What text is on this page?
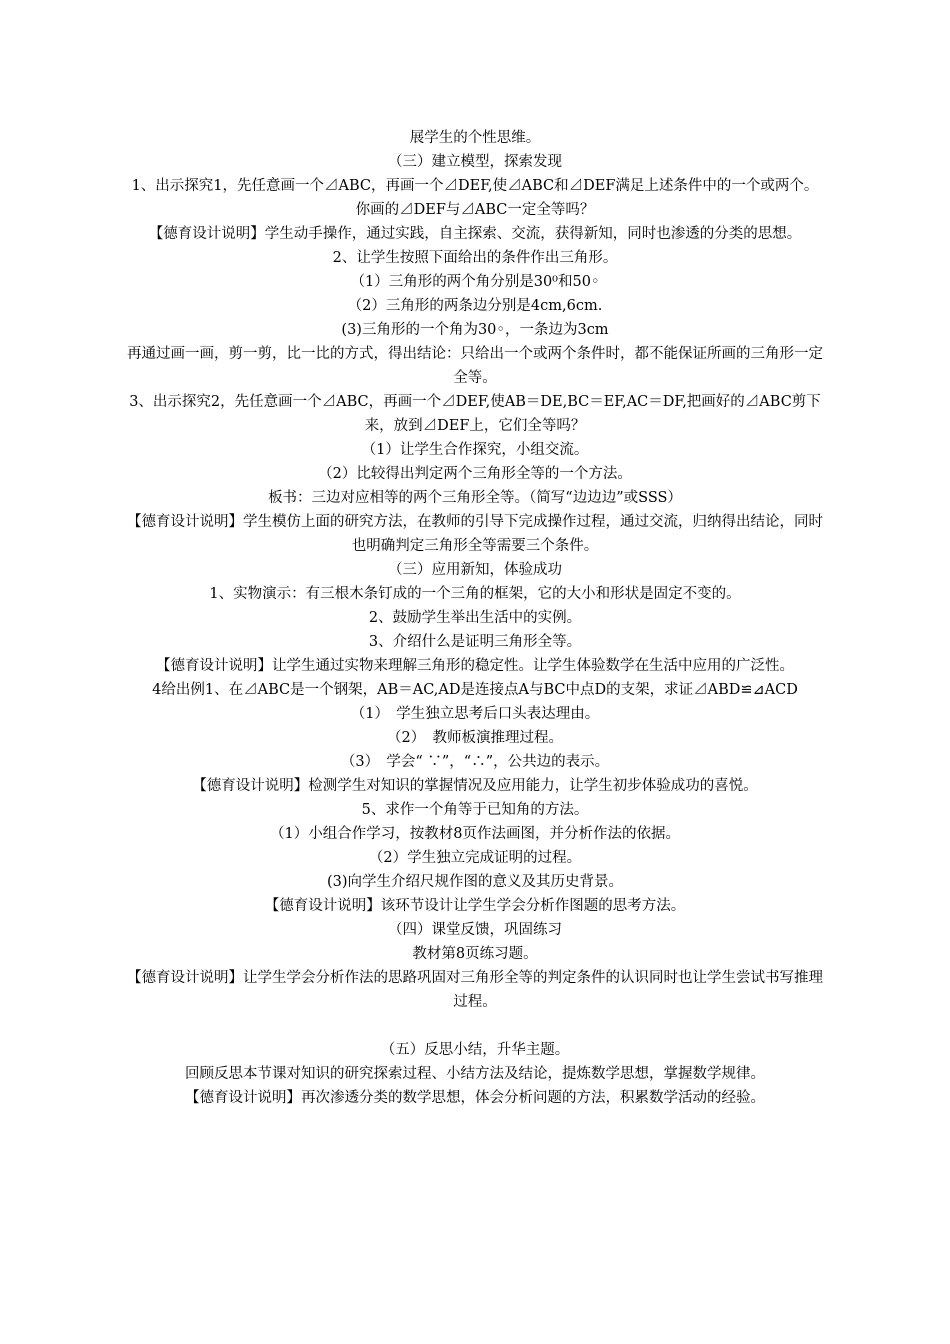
展学生的个性思维。

（三）建立模型，探索发现

1、出示探究1，先任意画一个⊿ABC，再画一个⊿DEF,使⊿ABC和⊿DEF满足上述条件中的一个或两个。你画的⊿DEF与⊿ABC一定全等吗？

【德育设计说明】学生动手操作，通过实践，自主探索、交流，获得新知，同时也渗透的分类的思想。

2、让学生按照下面给出的条件作出三角形。

（1）三角形的两个角分别是30⁰和50◦

（2）三角形的两条边分别是4cm,6cm.

(3)三角形的一个角为30◦，一条边为3cm

再通过画一画，剪一剪，比一比的方式，得出结论：只给出一个或两个条件时，都不能保证所画的三角形一定全等。

3、出示探究2，先任意画一个⊿ABC，再画一个⊿DEF,使AB＝DE,BC＝EF,AC＝DF,把画好的⊿ABC剪下来，放到⊿DEF上，它们全等吗？

（1）让学生合作探究，小组交流。

（2）比较得出判定两个三角形全等的一个方法。

板书：三边对应相等的两个三角形全等。（简写“边边边”或SSS）

【德育设计说明】学生模仿上面的研究方法，在教师的引导下完成操作过程，通过交流，归纳得出结论，同时也明确判定三角形全等需要三个条件。

（三）应用新知，体验成功

1、实物演示：有三根木条钉成的一个三角的框架，它的大小和形状是固定不变的。

2、鼓励学生举出生活中的实例。

3、介绍什么是证明三角形全等。

【德育设计说明】让学生通过实物来理解三角形的稳定性。让学生体验数学在生活中应用的广泛性。

4给出例1、在⊿ABC是一个钢架，AB＝AC,AD是连接点A与BC中点D的支架，求证⊿ABD≌⊿ACD

（1）　学生独立思考后口头表达理由。

（2）　教师板演推理过程。

（3）　学会“ ∵”，“∴”，公共边的表示。

【德育设计说明】检测学生对知识的掌握情况及应用能力，让学生初步体验成功的喜悦。

5、求作一个角等于已知角的方法。

（1）小组合作学习，按教材8页作法画图，并分析作法的依据。

（2）学生独立完成证明的过程。

(3)向学生介绍尺规作图的意义及其历史背景。

【德育设计说明】该环节设计让学生学会分析作图题的思考方法。

（四）课堂反馈，巩固练习

教材第8页练习题。

【德育设计说明】让学生学会分析作法的思路巩固对三角形全等的判定条件的认识同时也让学生尝试书写推理过程。

（五）反思小结，升华主题。

回顾反思本节课对知识的研究探索过程、小结方法及结论，提炼数学思想，掌握数学规律。

【德育设计说明】再次渗透分类的数学思想，体会分析问题的方法，积累数学活动的经验。
